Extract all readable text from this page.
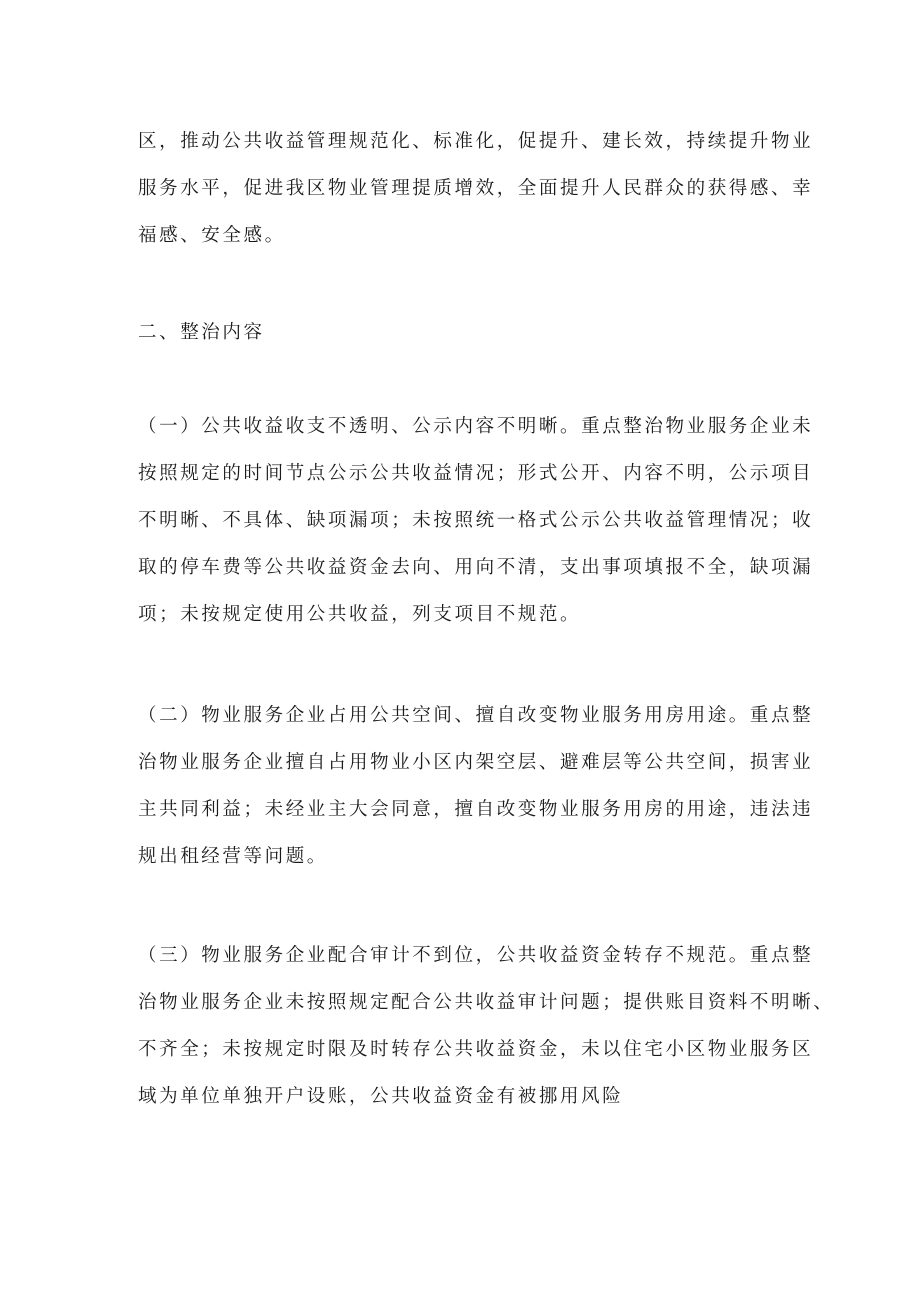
区，推动公共收益管理规范化、标准化，促提升、建长效，持续提升物业
服务水平，促进我区物业管理提质增效，全面提升人民群众的获得感、幸
福感、安全感。
二、整治内容
（一）公共收益收支不透明、公示内容不明晰。重点整治物业服务企业未
按照规定的时间节点公示公共收益情况；形式公开、内容不明，公示项目
不明晰、不具体、缺项漏项；未按照统一格式公示公共收益管理情况；收
取的停车费等公共收益资金去向、用向不清，支出事项填报不全，缺项漏
项；未按规定使用公共收益，列支项目不规范。
（二）物业服务企业占用公共空间、擅自改变物业服务用房用途。重点整
治物业服务企业擅自占用物业小区内架空层、避难层等公共空间，损害业
主共同利益；未经业主大会同意，擅自改变物业服务用房的用途，违法违
规出租经营等问题。
（三）物业服务企业配合审计不到位，公共收益资金转存不规范。重点整
治物业服务企业未按照规定配合公共收益审计问题；提供账目资料不明晰、
不齐全；未按规定时限及时转存公共收益资金，未以住宅小区物业服务区
域为单位单独开户设账，公共收益资金有被挪用风险
